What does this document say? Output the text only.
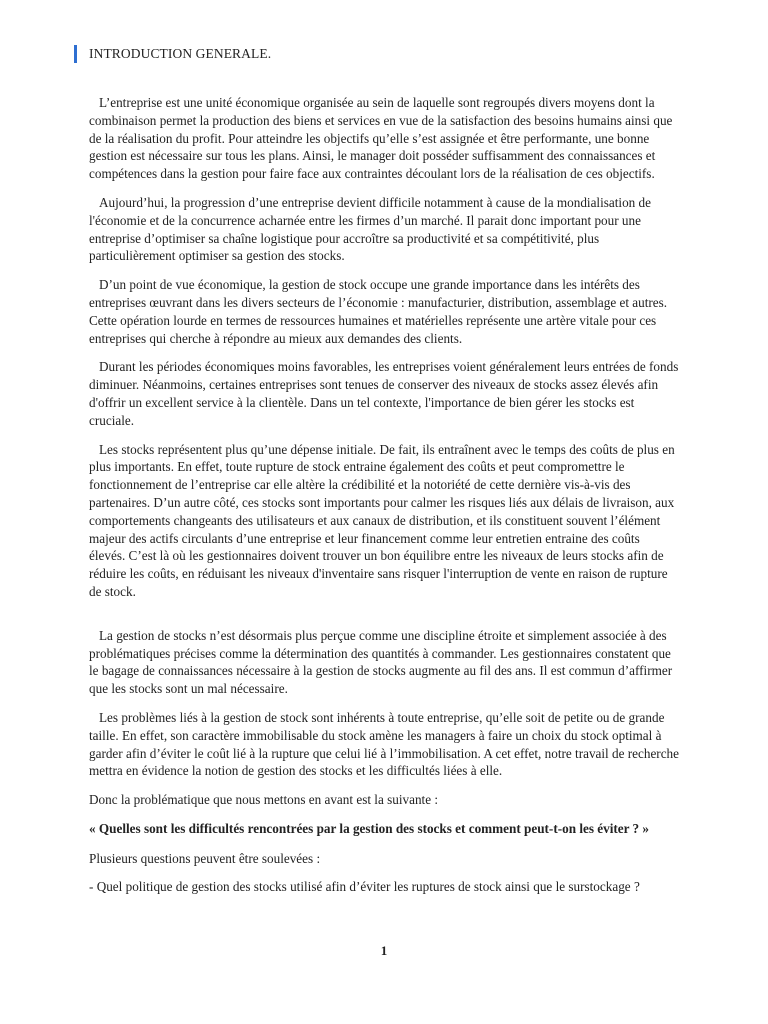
INTRODUCTION GENERALE.

L’entreprise est une unité économique organisée au sein de laquelle sont regroupés divers moyens dont la combinaison permet la production des biens et services en vue de la satisfaction des besoins humains ainsi que de la réalisation du profit. Pour atteindre les objectifs qu’elle s’est assignée et être performante, une bonne gestion est nécessaire sur tous les plans. Ainsi, le manager doit posséder suffisamment des connaissances et compétences dans la gestion pour faire face aux contraintes découlant lors de la réalisation de ces objectifs.

Aujourd’hui, la progression d’une entreprise devient difficile notamment à cause de la mondialisation de l'économie et de la concurrence acharnée entre les firmes d’un marché. Il parait donc important pour une entreprise d’optimiser sa chaîne logistique pour accroître sa productivité et sa compétitivité, plus particulièrement optimiser sa gestion des stocks.

D’un point de vue économique, la gestion de stock occupe une grande importance dans les intérêts des entreprises œuvrant dans les divers secteurs de l’économie : manufacturier, distribution, assemblage et autres. Cette opération lourde en termes de ressources humaines et matérielles représente une artère vitale pour ces entreprises qui cherche à répondre au mieux aux demandes des clients.

Durant les périodes économiques moins favorables, les entreprises voient généralement leurs entrées de fonds diminuer. Néanmoins, certaines entreprises sont tenues de conserver des niveaux de stocks assez élevés afin d'offrir un excellent service à la clientèle. Dans un tel contexte, l'importance de bien gérer les stocks est cruciale.

Les stocks représentent plus qu’une dépense initiale. De fait, ils entraînent avec le temps des coûts de plus en plus importants. En effet, toute rupture de stock entraine également des coûts et peut compromettre le fonctionnement de l’entreprise car elle altère la crédibilité et la notoriété de cette dernière vis-à-vis des partenaires. D’un autre côté, ces stocks sont importants pour calmer les risques liés aux délais de livraison, aux comportements changeants des utilisateurs et aux canaux de distribution, et ils constituent souvent l’élément majeur des actifs circulants d’une entreprise et leur financement comme leur entretien entraine des coûts élevés. C’est là où les gestionnaires doivent trouver un bon équilibre entre les niveaux de leurs stocks afin de réduire les coûts, en réduisant les niveaux d'inventaire sans risquer l'interruption de vente en raison de rupture de stock.

La gestion de stocks n’est désormais plus perçue comme une discipline étroite et simplement associée à des problématiques précises comme la détermination des quantités à commander. Les gestionnaires constatent que le bagage de connaissances nécessaire à la gestion de stocks augmente au fil des ans. Il est commun d’affirmer que les stocks sont un mal nécessaire.

Les problèmes liés à la gestion de stock sont inhérents à toute entreprise, qu’elle soit de petite ou de grande taille. En effet, son caractère immobilisable du stock amène les managers à faire un choix du stock optimal à garder afin d’éviter le coût lié à la rupture que celui lié à l’immobilisation. A cet effet, notre travail de recherche mettra en évidence la notion de gestion des stocks et les difficultés liées à elle.

Donc la problématique que nous mettons en avant est la suivante :

« Quelles sont les difficultés rencontrées par la gestion des stocks et comment peut-t-on les éviter ? »

Plusieurs questions peuvent être soulevées :

- Quel politique de gestion des stocks utilisé afin d’éviter les ruptures de stock ainsi que le surstockage ?

1
